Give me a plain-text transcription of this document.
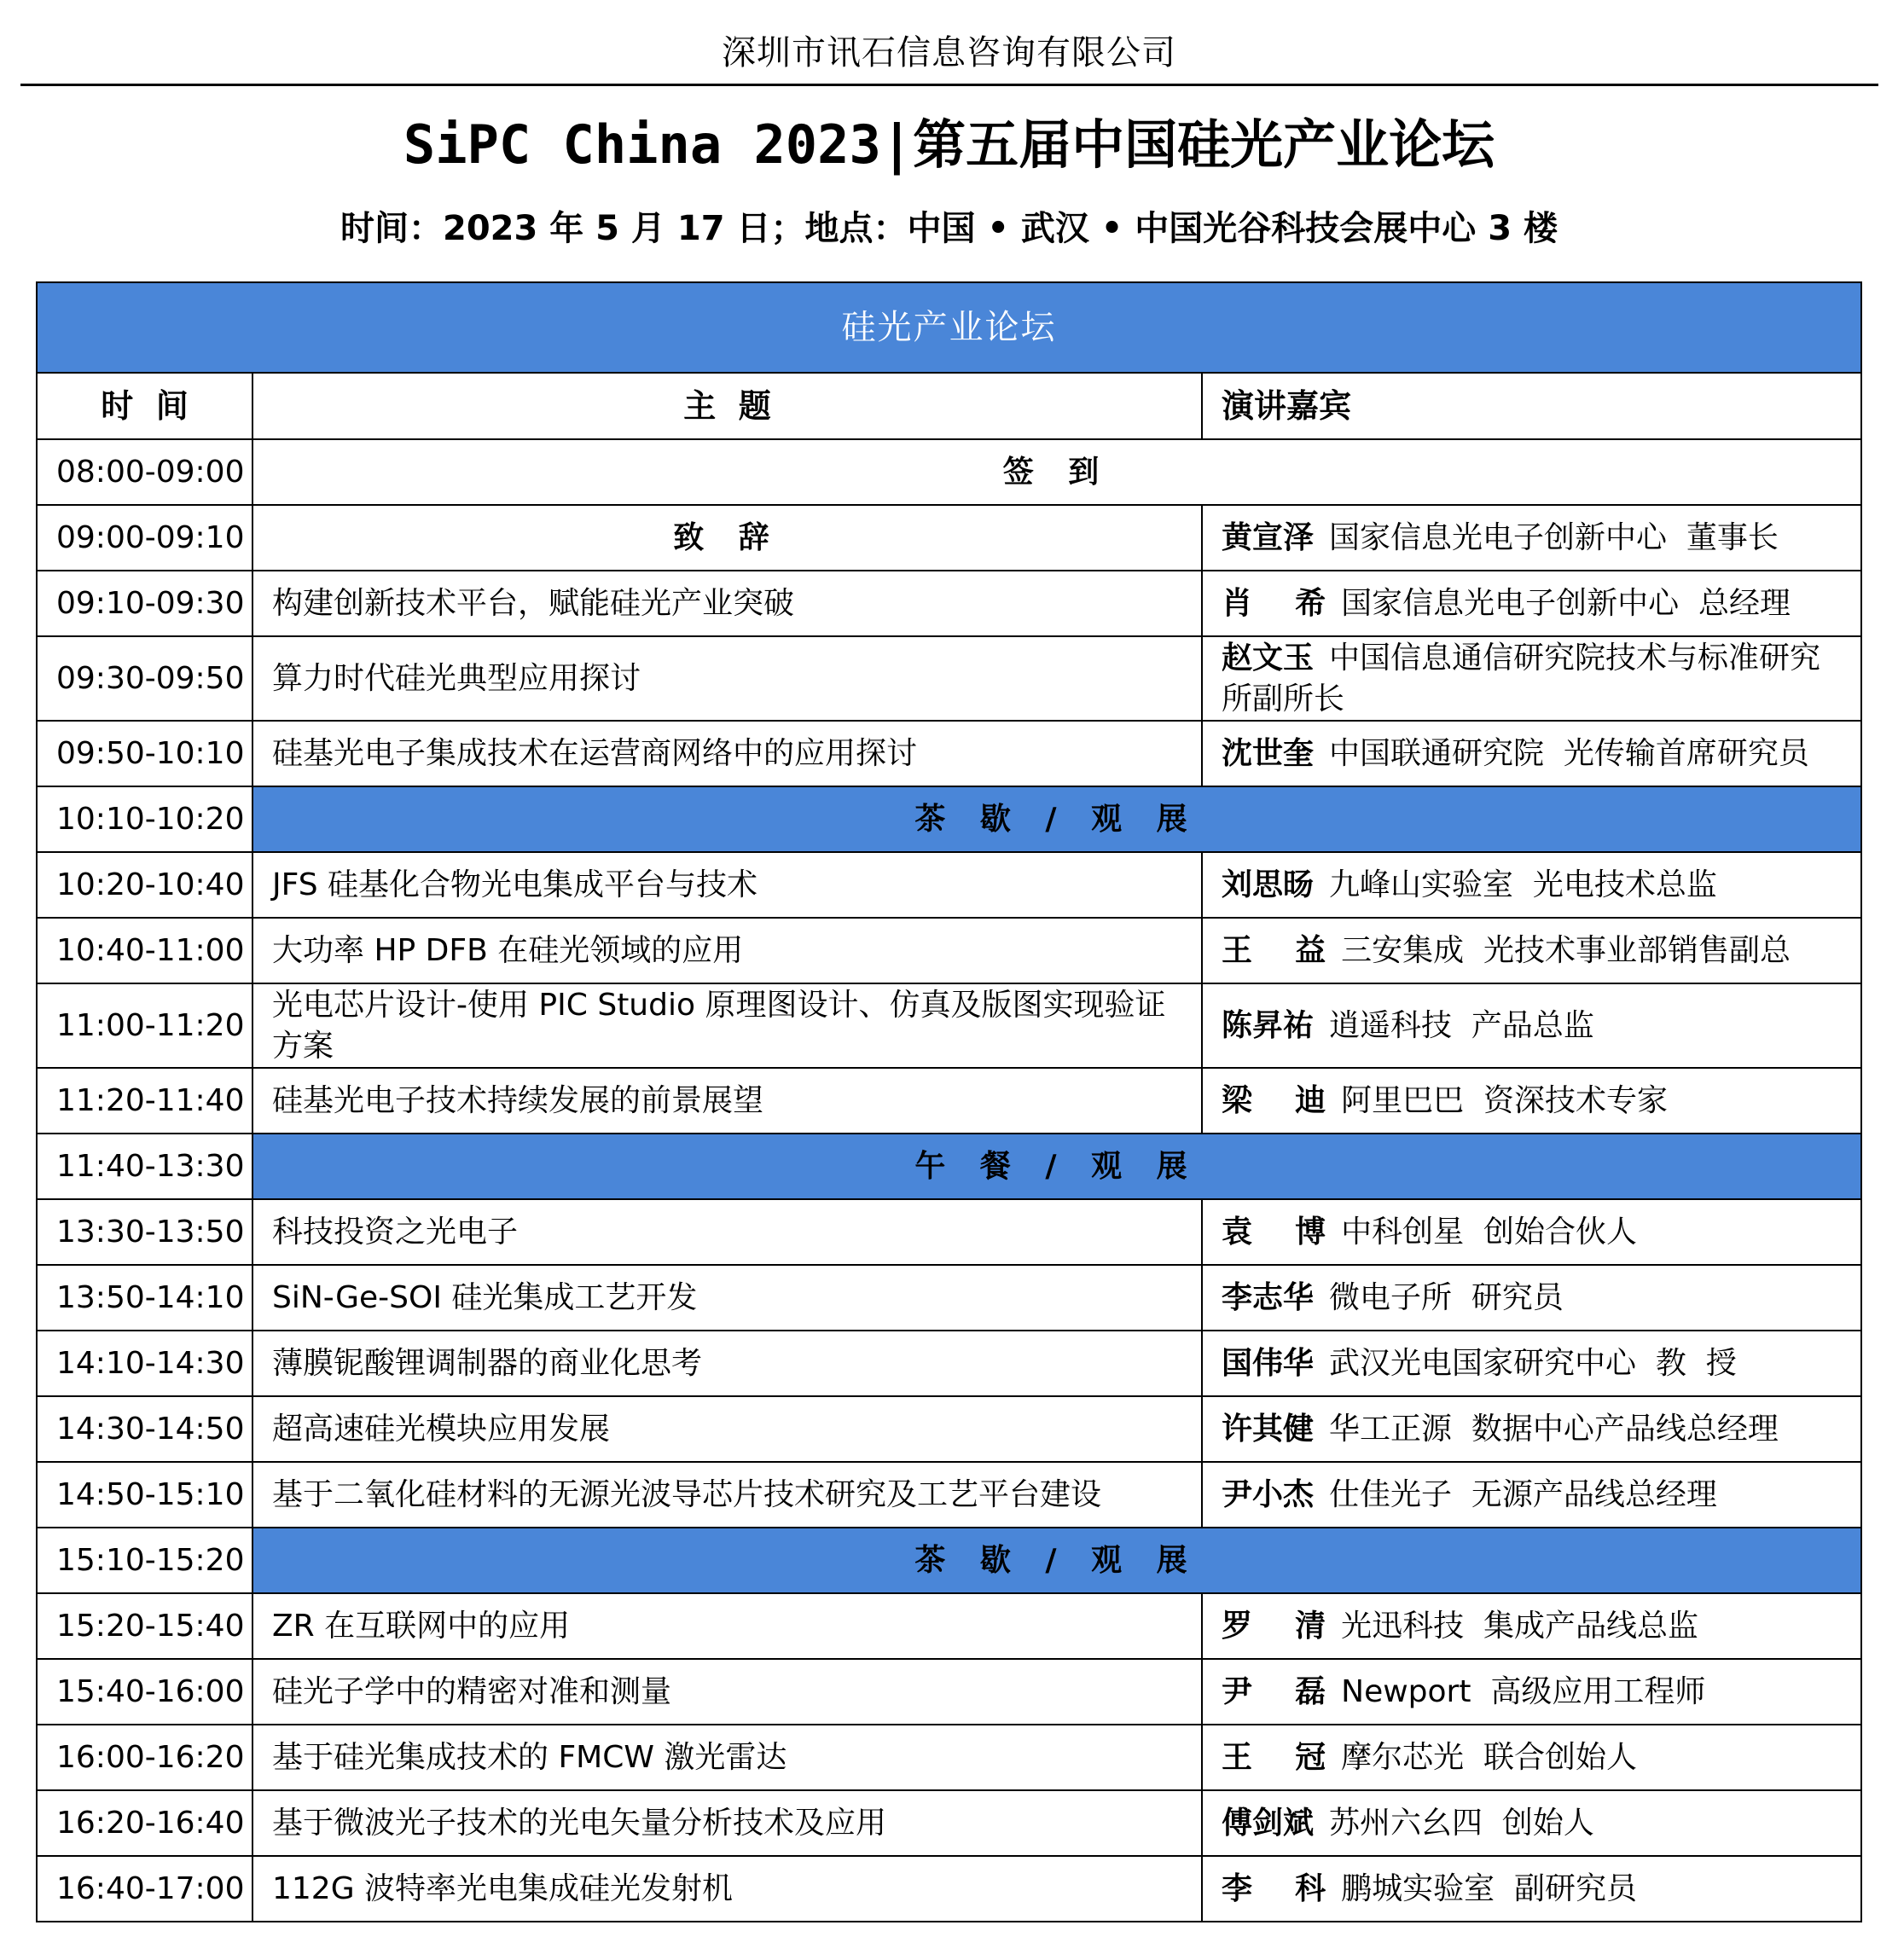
深圳市讯石信息咨询有限公司
SiPC China 2023|第五届中国硅光产业论坛
时间：2023 年 5 月 17 日；地点：中国 • 武汉 • 中国光谷科技会展中心 3 楼
硅光产业论坛		
时  间	主  题	演讲嘉宾
08:00-09:00	签 到	
09:00-09:10	致 辞	黄宣泽 国家信息光电子创新中心  董事长
09:10-09:30	构建创新技术平台，赋能硅光产业突破	肖    希 国家信息光电子创新中心  总经理
09:30-09:50	算力时代硅光典型应用探讨	赵文玉 中国信息通信研究院技术与标准研究所副所长
09:50-10:10	硅基光电子集成技术在运营商网络中的应用探讨	沈世奎 中国联通研究院  光传输首席研究员
10:10-10:20	茶 歇 / 观 展	
10:20-10:40	JFS 硅基化合物光电集成平台与技术	刘思旸 九峰山实验室  光电技术总监
10:40-11:00	大功率 HP DFB 在硅光领域的应用	王    益 三安集成  光技术事业部销售副总
11:00-11:20	光电芯片设计-使用 PIC Studio 原理图设计、仿真及版图实现验证方案	陈昇祐 逍遥科技  产品总监
11:20-11:40	硅基光电子技术持续发展的前景展望	梁    迪 阿里巴巴  资深技术专家
11:40-13:30	午 餐 / 观 展	
13:30-13:50	科技投资之光电子	袁    博 中科创星  创始合伙人
13:50-14:10	SiN-Ge-SOI 硅光集成工艺开发	李志华 微电子所  研究员
14:10-14:30	薄膜铌酸锂调制器的商业化思考	国伟华 武汉光电国家研究中心  教  授
14:30-14:50	超高速硅光模块应用发展	许其健 华工正源  数据中心产品线总经理
14:50-15:10	基于二氧化硅材料的无源光波导芯片技术研究及工艺平台建设	尹小杰 仕佳光子  无源产品线总经理
15:10-15:20	茶 歇 / 观 展	
15:20-15:40	ZR 在互联网中的应用	罗    清 光迅科技  集成产品线总监
15:40-16:00	硅光子学中的精密对准和测量	尹    磊 Newport  高级应用工程师
16:00-16:20	基于硅光集成技术的 FMCW 激光雷达	王    冠 摩尔芯光  联合创始人
16:20-16:40	基于微波光子技术的光电矢量分析技术及应用	傅剑斌 苏州六幺四  创始人
16:40-17:00	112G 波特率光电集成硅光发射机	李    科 鹏城实验室  副研究员
